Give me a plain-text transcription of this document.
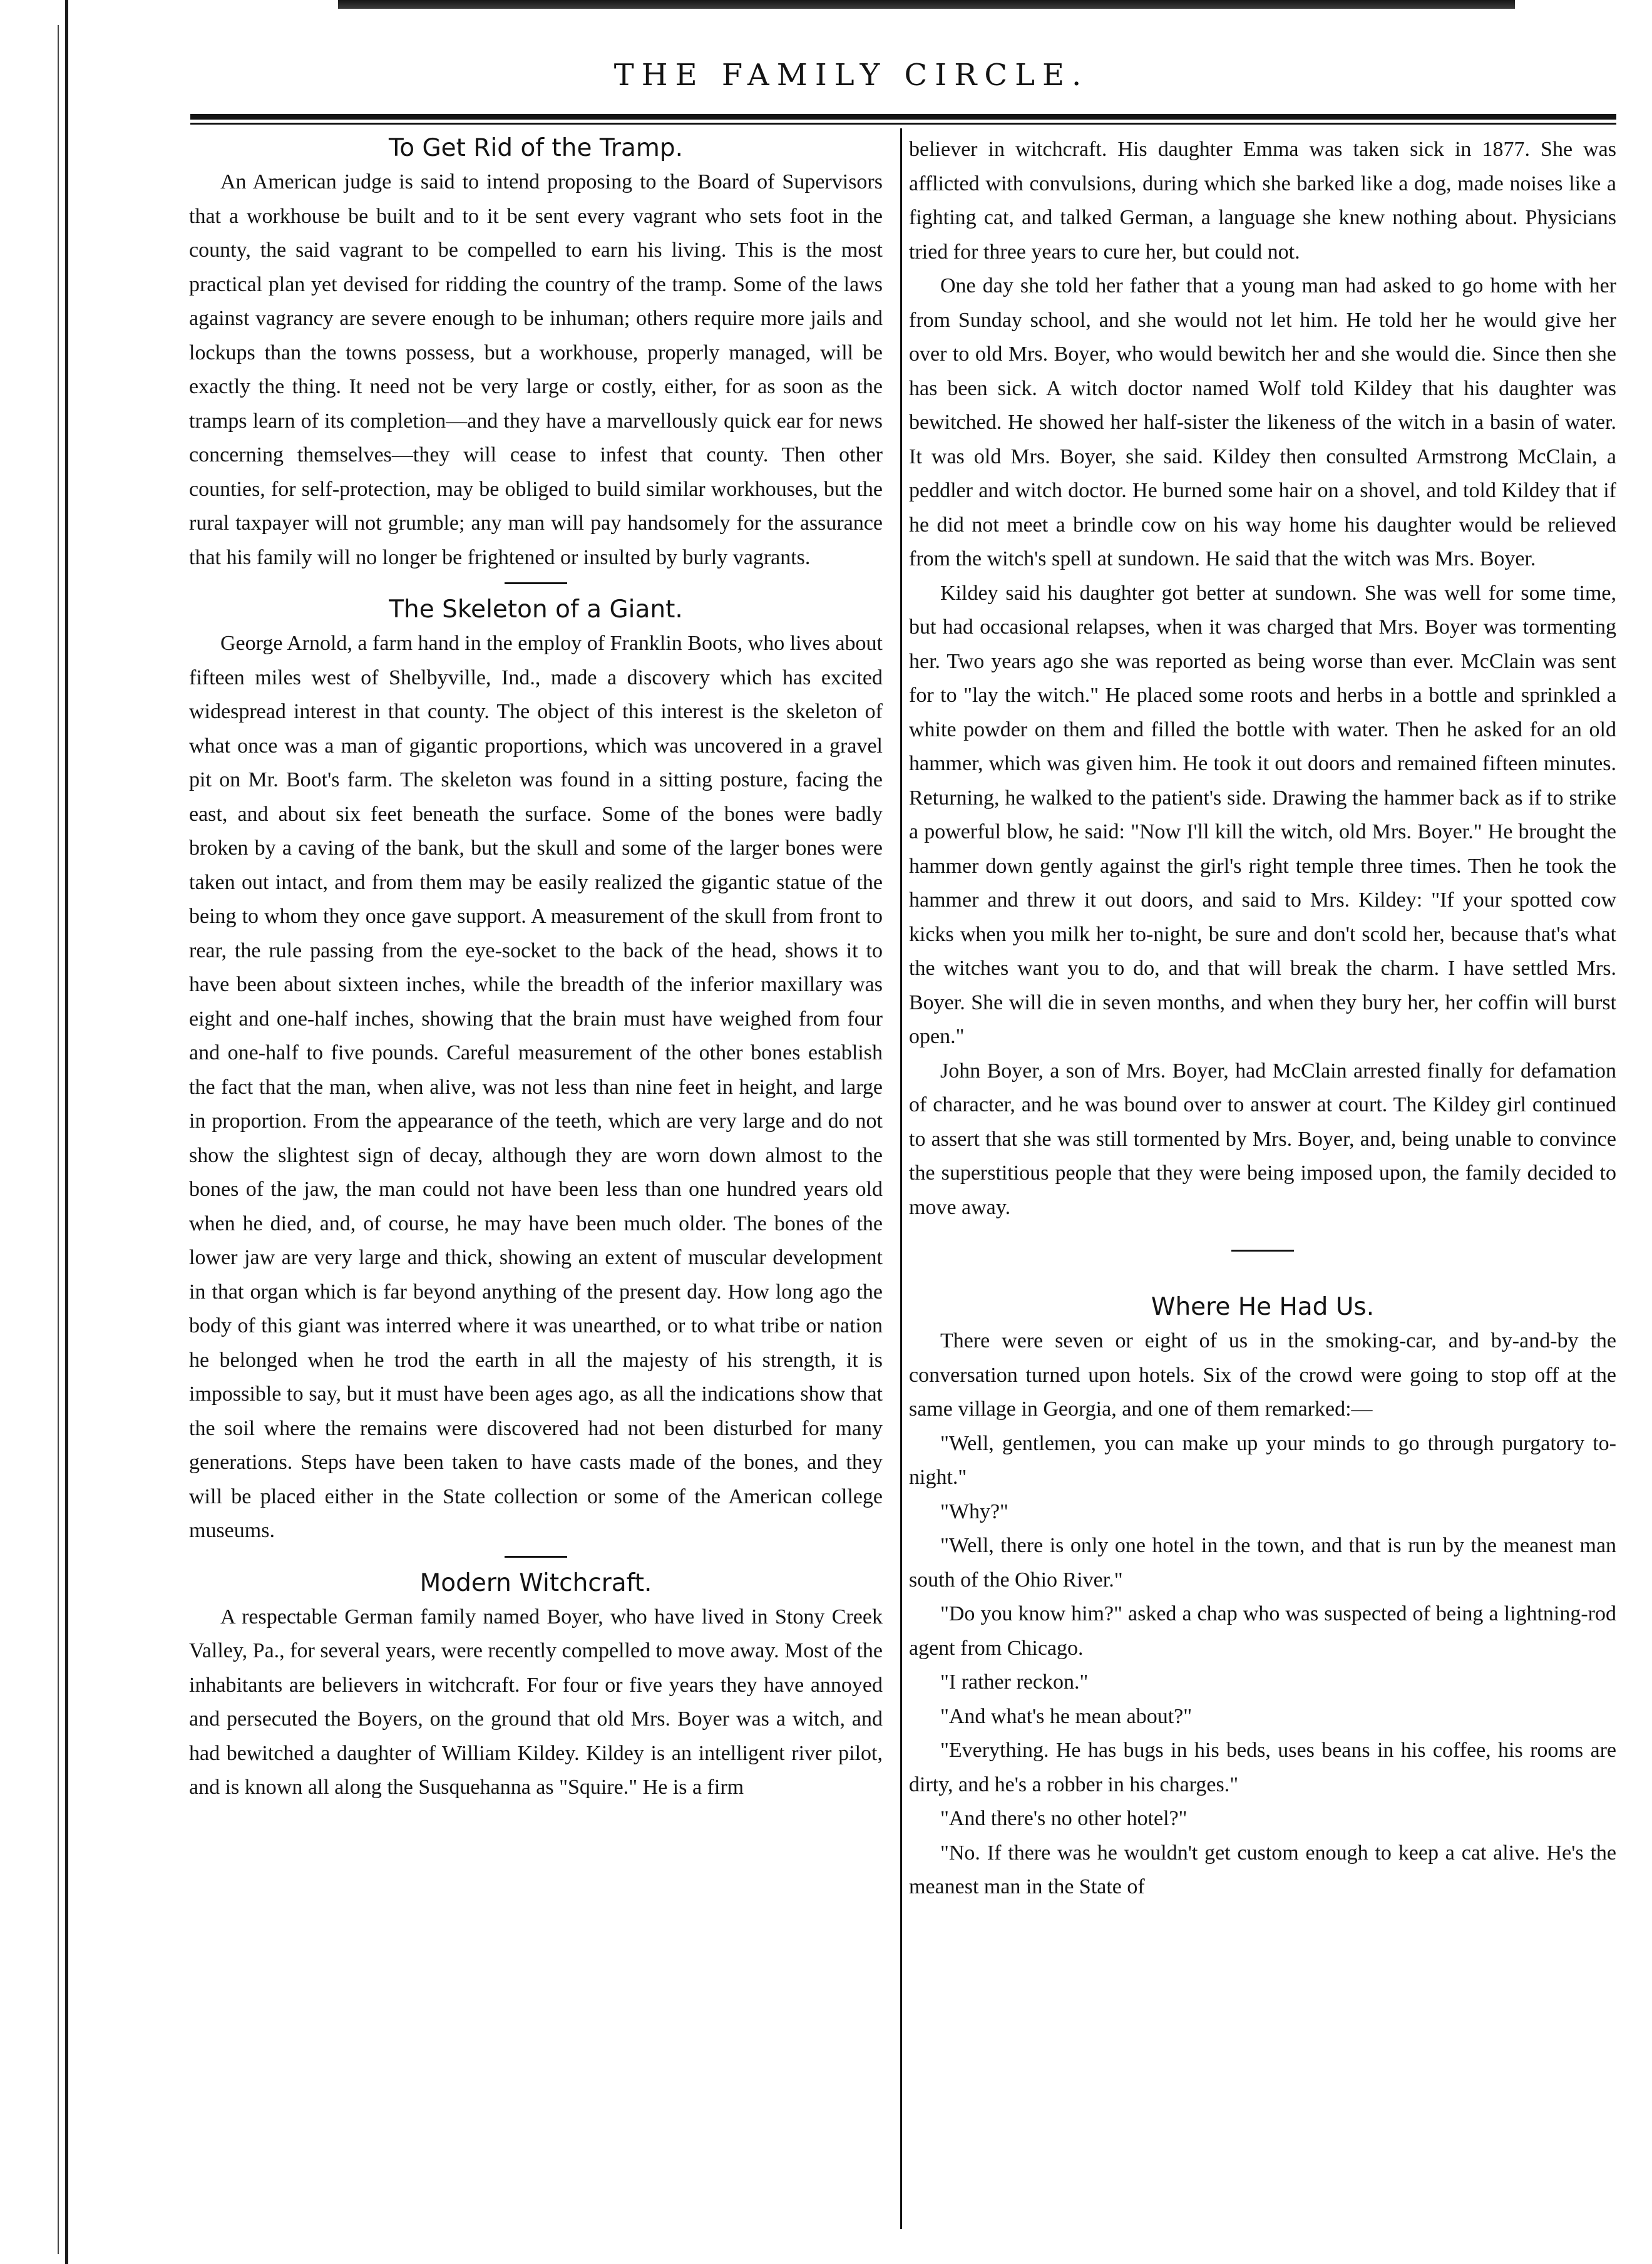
THE FAMILY CIRCLE.
To Get Rid of the Tramp.

An American judge is said to intend proposing to the Board of Supervisors that a workhouse be built and to it be sent every vagrant who sets foot in the county, the said vagrant to be compelled to earn his living. This is the most practical plan yet devised for ridding the country of the tramp. Some of the laws against vagrancy are severe enough to be inhuman; others require more jails and lockups than the towns possess, but a workhouse, properly managed, will be exactly the thing. It need not be very large or costly, either, for as soon as the tramps learn of its completion—and they have a marvellously quick ear for news concerning themselves—they will cease to infest that county. Then other counties, for self-protection, may be obliged to build similar workhouses, but the rural taxpayer will not grumble; any man will pay handsomely for the assurance that his family will no longer be frightened or insulted by burly vagrants.

The Skeleton of a Giant.

George Arnold, a farm hand in the employ of Franklin Boots, who lives about fifteen miles west of Shelbyville, Ind., made a discovery which has excited widespread interest in that county. The object of this interest is the skeleton of what once was a man of gigantic proportions, which was uncovered in a gravel pit on Mr. Boot's farm. The skeleton was found in a sitting posture, facing the east, and about six feet beneath the surface. Some of the bones were badly broken by a caving of the bank, but the skull and some of the larger bones were taken out intact, and from them may be easily realized the gigantic statue of the being to whom they once gave support. A measurement of the skull from front to rear, the rule passing from the eye-socket to the back of the head, shows it to have been about sixteen inches, while the breadth of the inferior maxillary was eight and one-half inches, showing that the brain must have weighed from four and one-half to five pounds. Careful measurement of the other bones establish the fact that the man, when alive, was not less than nine feet in height, and large in proportion. From the appearance of the teeth, which are very large and do not show the slightest sign of decay, although they are worn down almost to the bones of the jaw, the man could not have been less than one hundred years old when he died, and, of course, he may have been much older. The bones of the lower jaw are very large and thick, showing an extent of muscular development in that organ which is far beyond anything of the present day. How long ago the body of this giant was interred where it was unearthed, or to what tribe or nation he belonged when he trod the earth in all the majesty of his strength, it is impossible to say, but it must have been ages ago, as all the indications show that the soil where the remains were discovered had not been disturbed for many generations. Steps have been taken to have casts made of the bones, and they will be placed either in the State collection or some of the American college museums.

Modern Witchcraft.

A respectable German family named Boyer, who have lived in Stony Creek Valley, Pa., for several years, were recently compelled to move away. Most of the inhabitants are believers in witchcraft. For four or five years they have annoyed and persecuted the Boyers, on the ground that old Mrs. Boyer was a witch, and had bewitched a daughter of William Kildey. Kildey is an intelligent river pilot, and is known all along the Susquehanna as "Squire." He is a firm

believer in witchcraft. His daughter Emma was taken sick in 1877. She was afflicted with convulsions, during which she barked like a dog, made noises like a fighting cat, and talked German, a language she knew nothing about. Physicians tried for three years to cure her, but could not.

One day she told her father that a young man had asked to go home with her from Sunday school, and she would not let him. He told her he would give her over to old Mrs. Boyer, who would bewitch her and she would die. Since then she has been sick. A witch doctor named Wolf told Kildey that his daughter was bewitched. He showed her half-sister the likeness of the witch in a basin of water. It was old Mrs. Boyer, she said. Kildey then consulted Armstrong McClain, a peddler and witch doctor. He burned some hair on a shovel, and told Kildey that if he did not meet a brindle cow on his way home his daughter would be relieved from the witch's spell at sundown. He said that the witch was Mrs. Boyer.

Kildey said his daughter got better at sundown. She was well for some time, but had occasional relapses, when it was charged that Mrs. Boyer was tormenting her. Two years ago she was reported as being worse than ever. McClain was sent for to "lay the witch." He placed some roots and herbs in a bottle and sprinkled a white powder on them and filled the bottle with water. Then he asked for an old hammer, which was given him. He took it out doors and remained fifteen minutes. Returning, he walked to the patient's side. Drawing the hammer back as if to strike a powerful blow, he said: "Now I'll kill the witch, old Mrs. Boyer." He brought the hammer down gently against the girl's right temple three times. Then he took the hammer and threw it out doors, and said to Mrs. Kildey: "If your spotted cow kicks when you milk her to-night, be sure and don't scold her, because that's what the witches want you to do, and that will break the charm. I have settled Mrs. Boyer. She will die in seven months, and when they bury her, her coffin will burst open."

John Boyer, a son of Mrs. Boyer, had McClain arrested finally for defamation of character, and he was bound over to answer at court. The Kildey girl continued to assert that she was still tormented by Mrs. Boyer, and, being unable to convince the superstitious people that they were being imposed upon, the family decided to move away.

Where He Had Us.

There were seven or eight of us in the smoking-car, and by-and-by the conversation turned upon hotels. Six of the crowd were going to stop off at the same village in Georgia, and one of them remarked:—

"Well, gentlemen, you can make up your minds to go through purgatory to-night."

"Why?"

"Well, there is only one hotel in the town, and that is run by the meanest man south of the Ohio River."

"Do you know him?" asked a chap who was suspected of being a lightning-rod agent from Chicago.

"I rather reckon."

"And what's he mean about?"

"Everything. He has bugs in his beds, uses beans in his coffee, his rooms are dirty, and he's a robber in his charges."

"And there's no other hotel?"

"No. If there was he wouldn't get custom enough to keep a cat alive. He's the meanest man in the State of
